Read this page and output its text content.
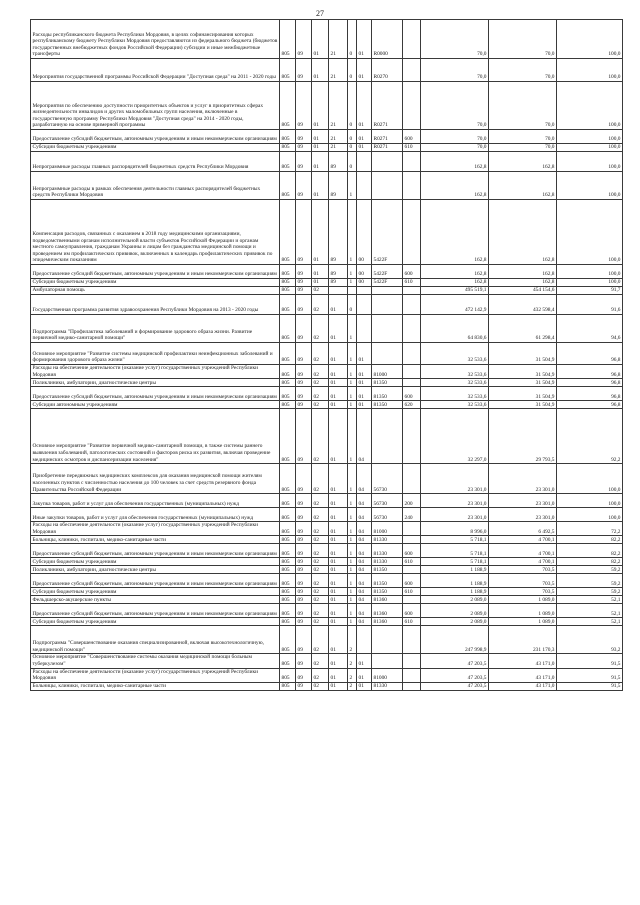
27
Расходы республиканского бюджета Республики Мордовия, в целях софинансирования которых республиканскому бюджету Республики Мордовия предоставляются из федерального бюджета (бюджетов государственных внебюджетных фондов Российской Федерации) субсидии и иные межбюджетные трансферты	805	09	01	21	0	01	R0000		70,0	70,0	100,0
Мероприятия государственной программы Российской Федерации "Доступная среда" на 2011 - 2020 годы	805	09	01	21	0	01	R0270		70,0	70,0	100,0
Мероприятия по обеспечению доступности приоритетных объектов и услуг в приоритетных сферах жизнедеятельности инвалидов и других маломобильных групп населения, включенные в государственную программу Республики Мордовия "Доступная среда" на 2014 - 2020 годы, разработанную на основе примерной программы	805	09	01	21	0	01	R0271		70,0	70,0	100,0
Предоставление субсидий бюджетным, автономным учреждениям и иным некоммерческим организациям	805	09	01	21	0	01	R0271	600	70,0	70,0	100,0
Субсидии бюджетным учреждениям	805	09	01	21	0	01	R0271	610	70,0	70,0	100,0
Непрограммные расходы главных распорядителей бюджетных средств Республики Мордовия	805	09	01	89	0				162,8	162,8	100,0
Непрограммные расходы в рамках обеспечения деятельности главных распорядителей бюджетных средств Республики Мордовия	805	09	01	89	1				162,8	162,8	100,0
Компенсация расходов, связанных с оказанием в 2018 году медицинскими организациями, подведомственными органам исполнительной власти субъектов Российской Федерации и органам местного самоуправления, гражданам Украины и лицам без гражданства медицинской помощи и проведением им профилактических прививок, включенных в календарь профилактических прививок по эпидемическим показаниям	805	09	01	89	1	00	5422F		162,8	162,8	100,0
Предоставление субсидий бюджетным, автономным учреждениям и иным некоммерческим организациям	805	09	01	89	1	00	5422F	600	162,8	162,8	100,0
Субсидии бюджетным учреждениям	805	09	01	89	1	00	5422F	610	162,8	162,8	100,0
Амбулаторная помощь	805	09	02						495 519,1	454 154,6	91,7
Государственная программа развития здравоохранения Республики Мордовия на 2013 - 2020 годы	805	09	02	01	0				472 142,9	432 598,4	91,6
Подпрограмма "Профилактика заболеваний и формирование здорового образа жизни. Развитие первичной медико-санитарной помощи"	805	09	02	01	1				64 830,6	61 298,4	94,6
Основное мероприятие "Развитие системы медицинской профилактики неинфекционных заболеваний и формирования здорового образа жизни"	805	09	02	01	1	01			32 533,6	31 504,9	96,8
Расходы на обеспечение деятельности (оказание услуг) государственных учреждений Республики Мордовия	805	09	02	01	1	01	81000		32 533,6	31 504,9	96,8
Поликлиники, амбулатории, диагностические центры	805	09	02	01	1	01	81350		32 533,6	31 504,9	96,8
Предоставление субсидий бюджетным, автономным учреждениям и иным некоммерческим организациям	805	09	02	01	1	01	81350	600	32 533,6	31 504,9	96,8
Субсидии автономным учреждениям	805	09	02	01	1	01	81350	620	32 533,6	31 504,9	96,8
Основное мероприятие "Развитие первичной медико-санитарной помощи, в также системы раннего выявления заболеваний, патологических состояний и факторов риска их развития, включая проведение медицинских осмотров и диспансеризации населения"	805	09	02	01	1	04			32 297,0	29 793,5	92,2
Приобретение передвижных медицинских комплексов для оказания медицинской помощи жителям населенных пунктов с численностью населения до 100 человек за счет средств резервного фонда Правительства Российской Федерации	805	09	02	01	1	04	56730		23 301,0	23 301,0	100,0
Закупка товаров, работ и услуг для обеспечения государственных (муниципальных) нужд	805	09	02	01	1	04	56730	200	23 301,0	23 301,0	100,0
Иные закупки товаров, работ и услуг для обеспечения государственных (муниципальных) нужд	805	09	02	01	1	04	56730	240	23 301,0	23 301,0	100,0
Расходы на обеспечение деятельности (оказание услуг) государственных учреждений Республики Мордовия	805	09	02	01	1	04	81000		8 996,0	6 492,5	72,2
Больницы, клиники, госпитали, медико-санитарные части	805	09	02	01	1	04	81330		5 718,1	4 700,1	82,2
Предоставление субсидий бюджетным, автономным учреждениям и иным некоммерческим организациям	805	09	02	01	1	04	81330	600	5 718,1	4 700,1	82,2
Субсидии бюджетным учреждениям	805	09	02	01	1	04	81330	610	5 718,1	4 700,1	82,2
Поликлиники, амбулатории, диагностические центры	805	09	02	01	1	04	81350		1 188,9	703,5	59,2
Предоставление субсидий бюджетным, автономным учреждениям и иным некоммерческим организациям	805	09	02	01	1	04	81350	600	1 188,9	703,5	59,2
Субсидии бюджетным учреждениям	805	09	02	01	1	04	81350	610	1 188,9	703,5	59,2
Фельдшерско-акушерские пункты	805	09	02	01	1	04	81360		2 089,0	1 089,0	52,1
Предоставление субсидий бюджетным, автономным учреждениям и иным некоммерческим организациям	805	09	02	01	1	04	81360	600	2 089,0	1 089,0	52,1
Субсидии бюджетным учреждениям	805	09	02	01	1	04	81360	610	2 089,0	1 089,0	52,1
Подпрограмма "Совершенствование оказания специализированной, включая высокотехнологичную, медицинской помощи"	805	09	02	01	2				247 998,9	231 170,3	93,2
Основное мероприятие "Совершенствование системы оказания медицинской помощи больным туберкулезом"	805	09	02	01	2	01			47 203,5	43 171,0	91,5
Расходы на обеспечение деятельности (оказание услуг) государственных учреждений Республики Мордовия	805	09	02	01	2	01	81000		47 203,5	43 171,0	91,5
Больницы, клиники, госпитали, медико-санитарные части	805	09	02	01	2	01	81330		47 203,5	43 171,0	91,5
